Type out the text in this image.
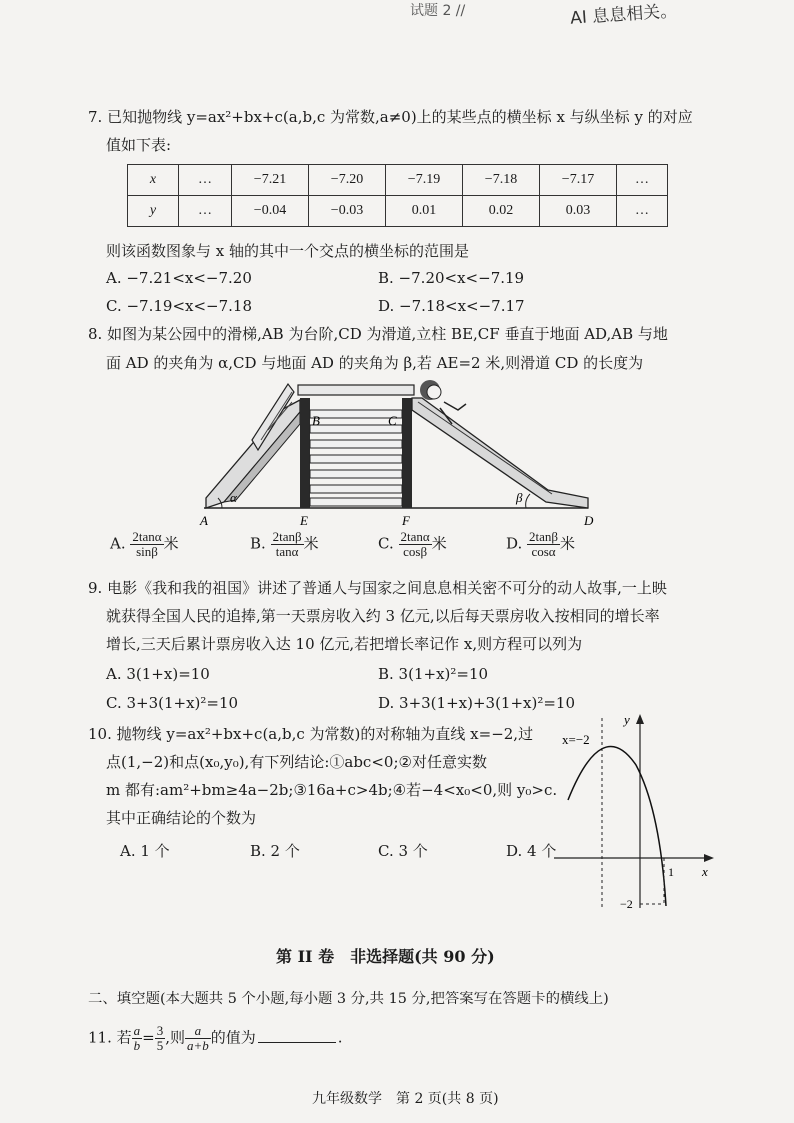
试题 2 //	AI 息息相关。
7. 已知抛物线 y=ax²+bx+c(a,b,c 为常数,a≠0)上的某些点的横坐标 x 与纵坐标 y 的对应
值如下表:
x	…	−7.21	−7.20	−7.19	−7.18	−7.17	…
y	…	−0.04	−0.03	0.01	0.02	0.03	…
则该函数图象与 x 轴的其中一个交点的横坐标的范围是
A. −7.21<x<−7.20	B. −7.20<x<−7.19
C. −7.19<x<−7.18	D. −7.18<x<−7.17
8. 如图为某公园中的滑梯,AB 为台阶,CD 为滑道,立柱 BE,CF 垂直于地面 AD,AB 与地
面 AD 的夹角为 α,CD 与地面 AD 的夹角为 β,若 AE=2 米,则滑道 CD 的长度为
α	β
B	C
A	E	F	D
A. $\frac{2\tan\alpha}{\sin\beta}$ 米	B. $\frac{2\tan\beta}{\tan\alpha}$ 米	C. $\frac{2\tan\alpha}{\cos\beta}$ 米	D. $\frac{2\tan\beta}{\cos\alpha}$ 米
9. 电影《我和我的祖国》讲述了普通人与国家之间息息相关密不可分的动人故事,一上映
就获得全国人民的追捧,第一天票房收入约 3 亿元,以后每天票房收入按相同的增长率
增长,三天后累计票房收入达 10 亿元,若把增长率记作 x,则方程可以列为
A. 3(1+x)=10	B. 3(1+x)²=10
C. 3+3(1+x)²=10	D. 3+3(1+x)+3(1+x)²=10
10. 抛物线 y=ax²+bx+c(a,b,c 为常数)的对称轴为直线 x=−2,过
点(1,−2)和点(x₀,y₀),有下列结论:①abc<0;②对任意实数
m 都有:am²+bm≥4a−2b;③16a+c>4b;④若−4<x₀<0,则 y₀>c.
其中正确结论的个数为
A. 1 个	B. 2 个	C. 3 个	D. 4 个
x=−2
y
x
1
−2
第 II 卷　非选择题(共 90 分)
二、填空题(本大题共 5 个小题,每小题 3 分,共 15 分,把答案写在答题卡的横线上)
11. 若 $\frac{a}{b} = \frac{3}{5}$ ,则 $\frac{a}{a+b}$ 的值为	.
九年级数学　第 2 页(共 8 页)
